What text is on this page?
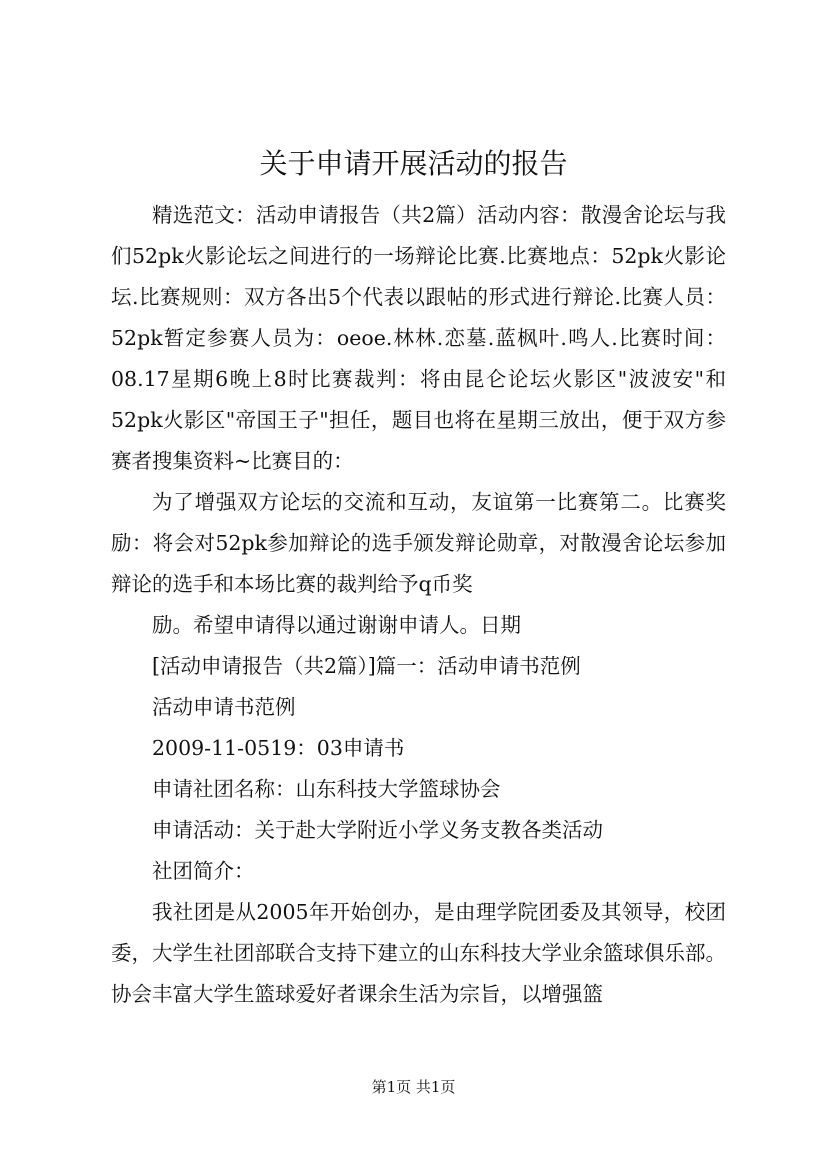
关于申请开展活动的报告

精选范文：活动申请报告（共2篇）活动内容：散漫舍论坛与我们52pk火影论坛之间进行的一场辩论比赛.比赛地点：52pk火影论坛.比赛规则：双方各出5个代表以跟帖的形式进行辩论.比赛人员：52pk暂定参赛人员为：oeoe.林林.恋墓.蓝枫叶.鸣人.比赛时间：08.17星期6晚上8时比赛裁判：将由昆仑论坛火影区"波波安"和52pk火影区"帝国王子"担任，题目也将在星期三放出，便于双方参赛者搜集资料~比赛目的：

为了增强双方论坛的交流和互动，友谊第一比赛第二。比赛奖励：将会对52pk参加辩论的选手颁发辩论勋章，对散漫舍论坛参加辩论的选手和本场比赛的裁判给予q币奖

励。希望申请得以通过谢谢申请人。日期

[活动申请报告（共2篇）]篇一：活动申请书范例

活动申请书范例

2009-11-0519：03申请书

申请社团名称：山东科技大学篮球协会

申请活动：关于赴大学附近小学义务支教各类活动

社团简介：

我社团是从2005年开始创办，是由理学院团委及其领导，校团委，大学生社团部联合支持下建立的山东科技大学业余篮球俱乐部。协会丰富大学生篮球爱好者课余生活为宗旨，以增强篮

第1页 共1页
